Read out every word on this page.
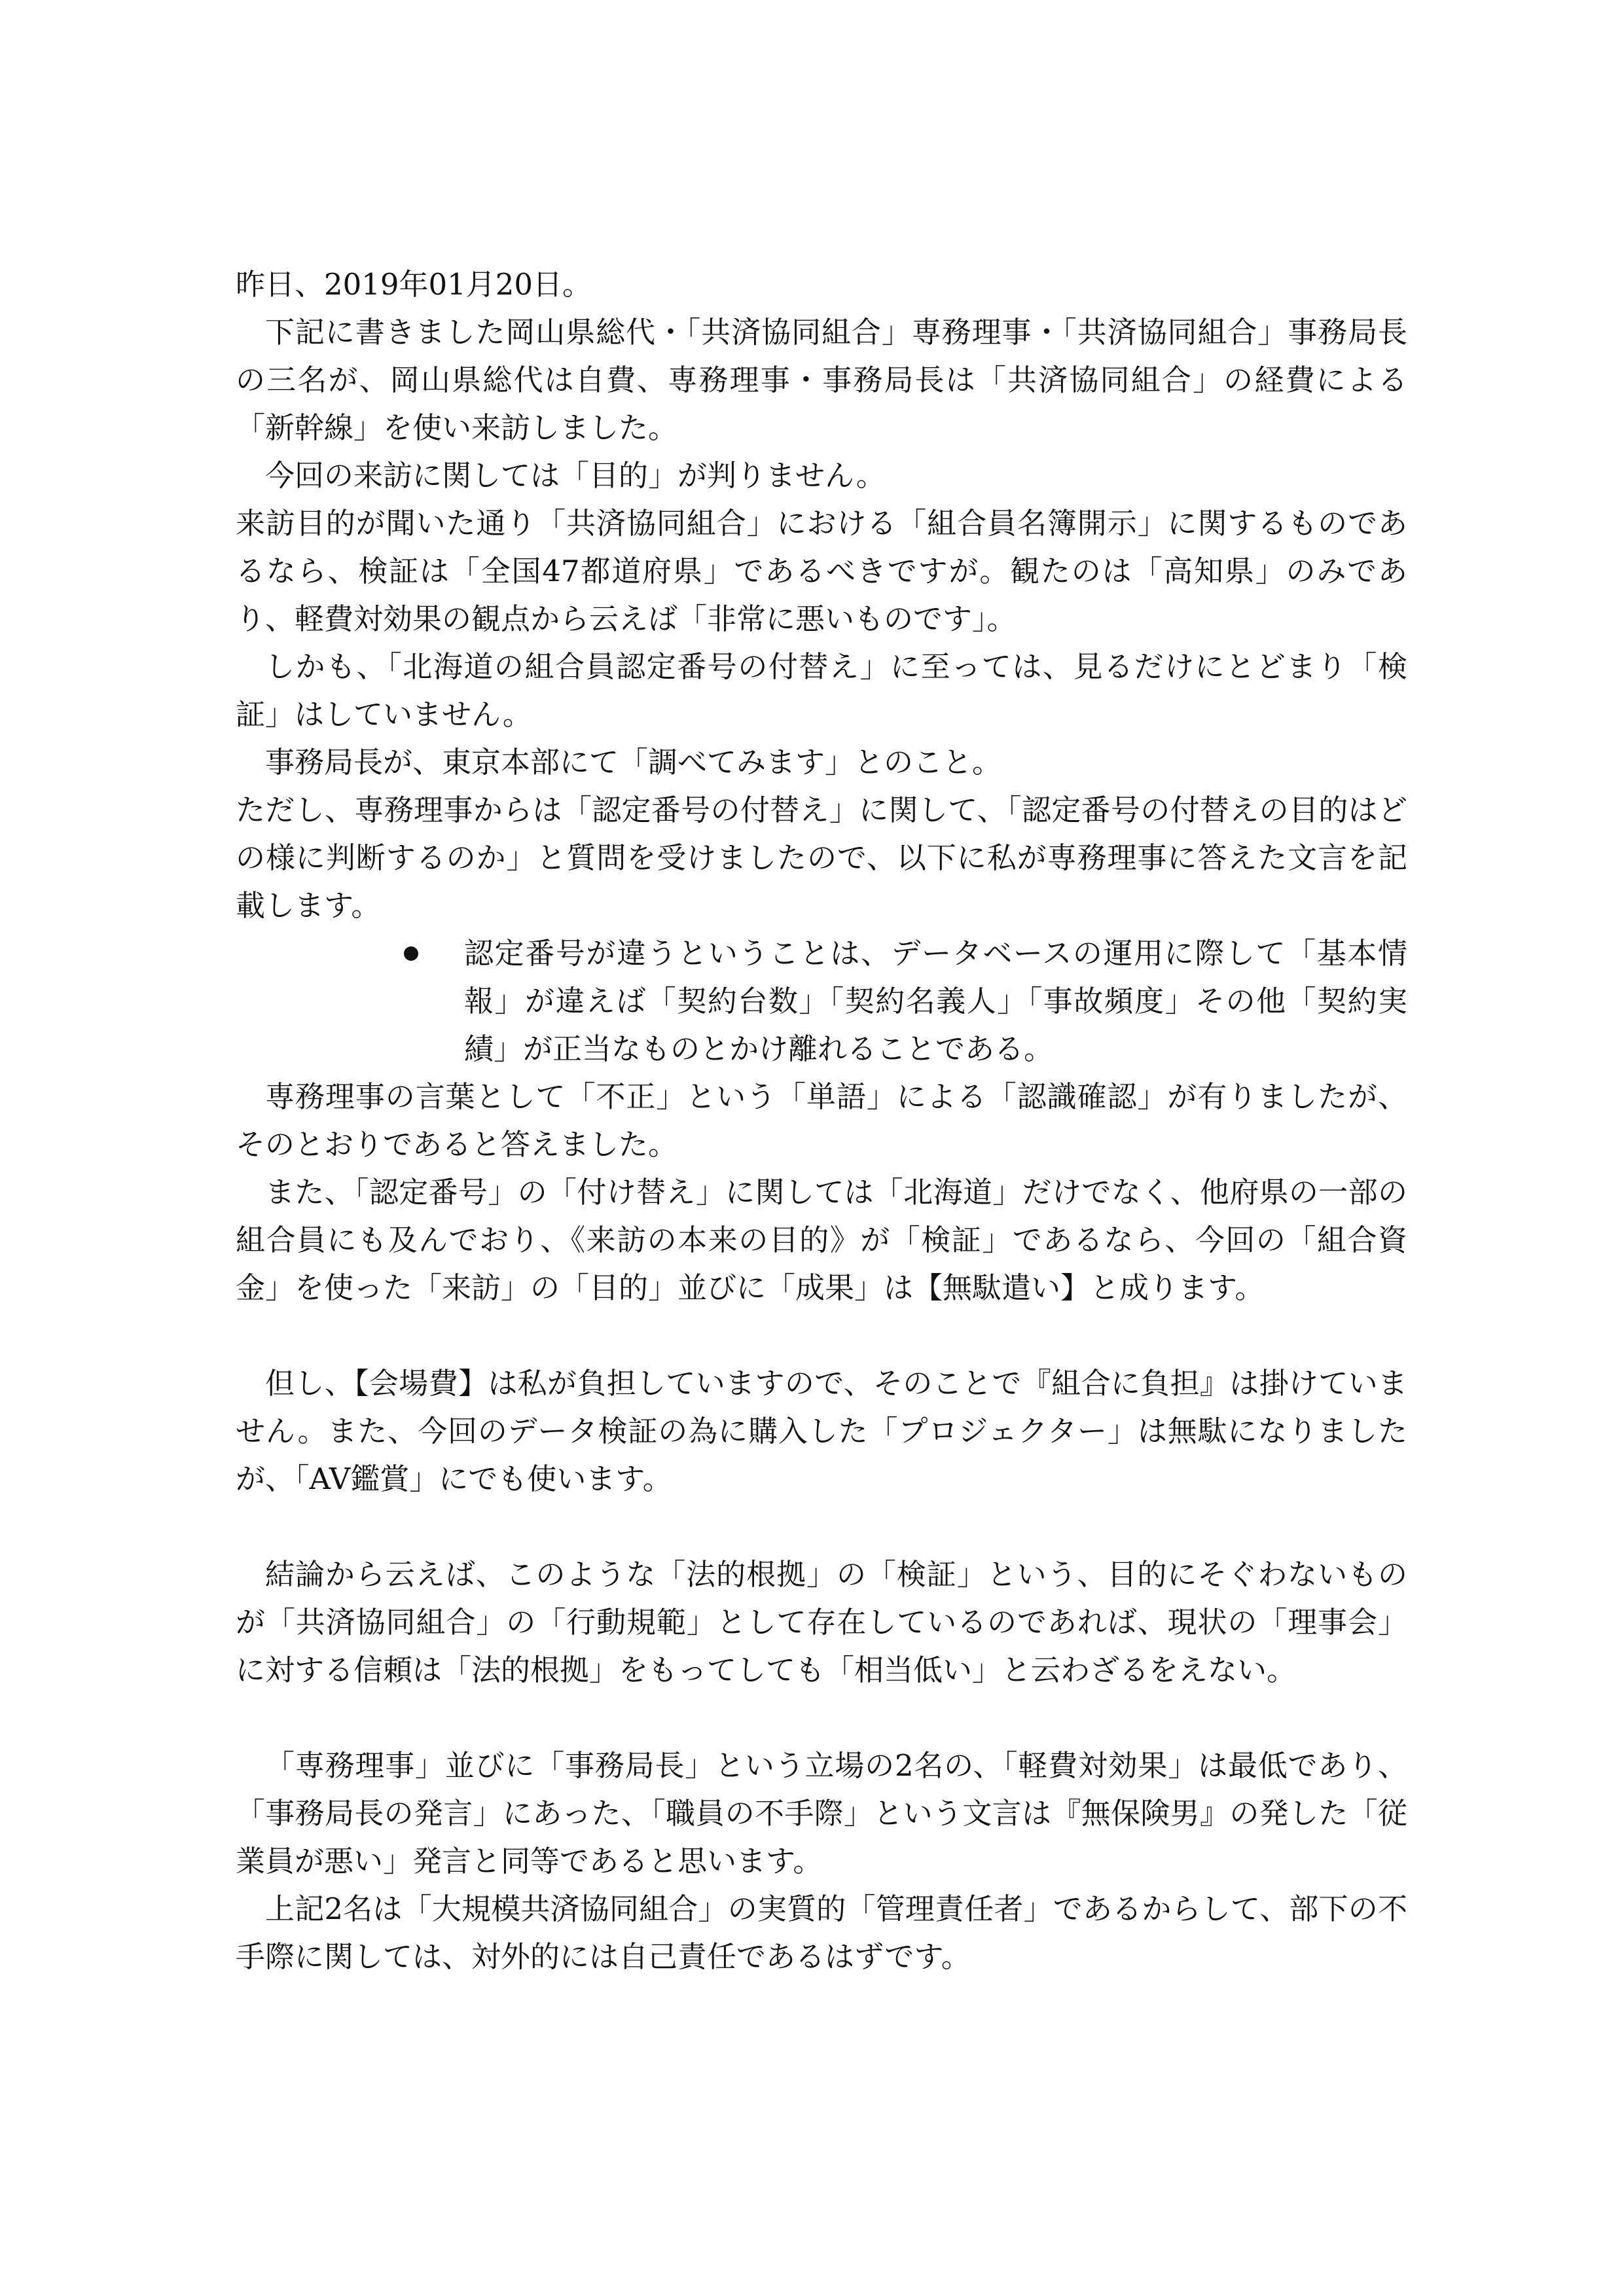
昨日、2019年01月20日。

下記に書きました岡山県総代・「共済協同組合」専務理事・「共済協同組合」事務局長の三名が、岡山県総代は自費、専務理事・事務局長は「共済協同組合」の経費による「新幹線」を使い来訪しました。

今回の来訪に関しては「目的」が判りません。

来訪目的が聞いた通り「共済協同組合」における「組合員名簿開示」に関するものであるなら、検証は「全国47都道府県」であるべきですが。観たのは「高知県」のみであり、軽費対効果の観点から云えば「非常に悪いものです」。

しかも、「北海道の組合員認定番号の付替え」に至っては、見るだけにとどまり「検証」はしていません。

事務局長が、東京本部にて「調べてみます」とのこと。

ただし、専務理事からは「認定番号の付替え」に関して、「認定番号の付替えの目的はどの様に判断するのか」と質問を受けましたので、以下に私が専務理事に答えた文言を記載します。

認定番号が違うということは、データベースの運用に際して「基本情報」が違えば「契約台数」「契約名義人」「事故頻度」その他「契約実績」が正当なものとかけ離れることである。

専務理事の言葉として「不正」という「単語」による「認識確認」が有りましたが、そのとおりであると答えました。

また、「認定番号」の「付け替え」に関しては「北海道」だけでなく、他府県の一部の組合員にも及んでおり、《来訪の本来の目的》が「検証」であるなら、今回の「組合資金」を使った「来訪」の「目的」並びに「成果」は【無駄遣い】と成ります。

但し、【会場費】は私が負担していますので、そのことで『組合に負担』は掛けていません。また、今回のデータ検証の為に購入した「プロジェクター」は無駄になりましたが、「AV鑑賞」にでも使います。

結論から云えば、このような「法的根拠」の「検証」という、目的にそぐわないものが「共済協同組合」の「行動規範」として存在しているのであれば、現状の「理事会」に対する信頼は「法的根拠」をもってしても「相当低い」と云わざるをえない。

「専務理事」並びに「事務局長」という立場の2名の、「軽費対効果」は最低であり、「事務局長の発言」にあった、「職員の不手際」という文言は『無保険男』の発した「従業員が悪い」発言と同等であると思います。

上記2名は「大規模共済協同組合」の実質的「管理責任者」であるからして、部下の不手際に関しては、対外的には自己責任であるはずです。
